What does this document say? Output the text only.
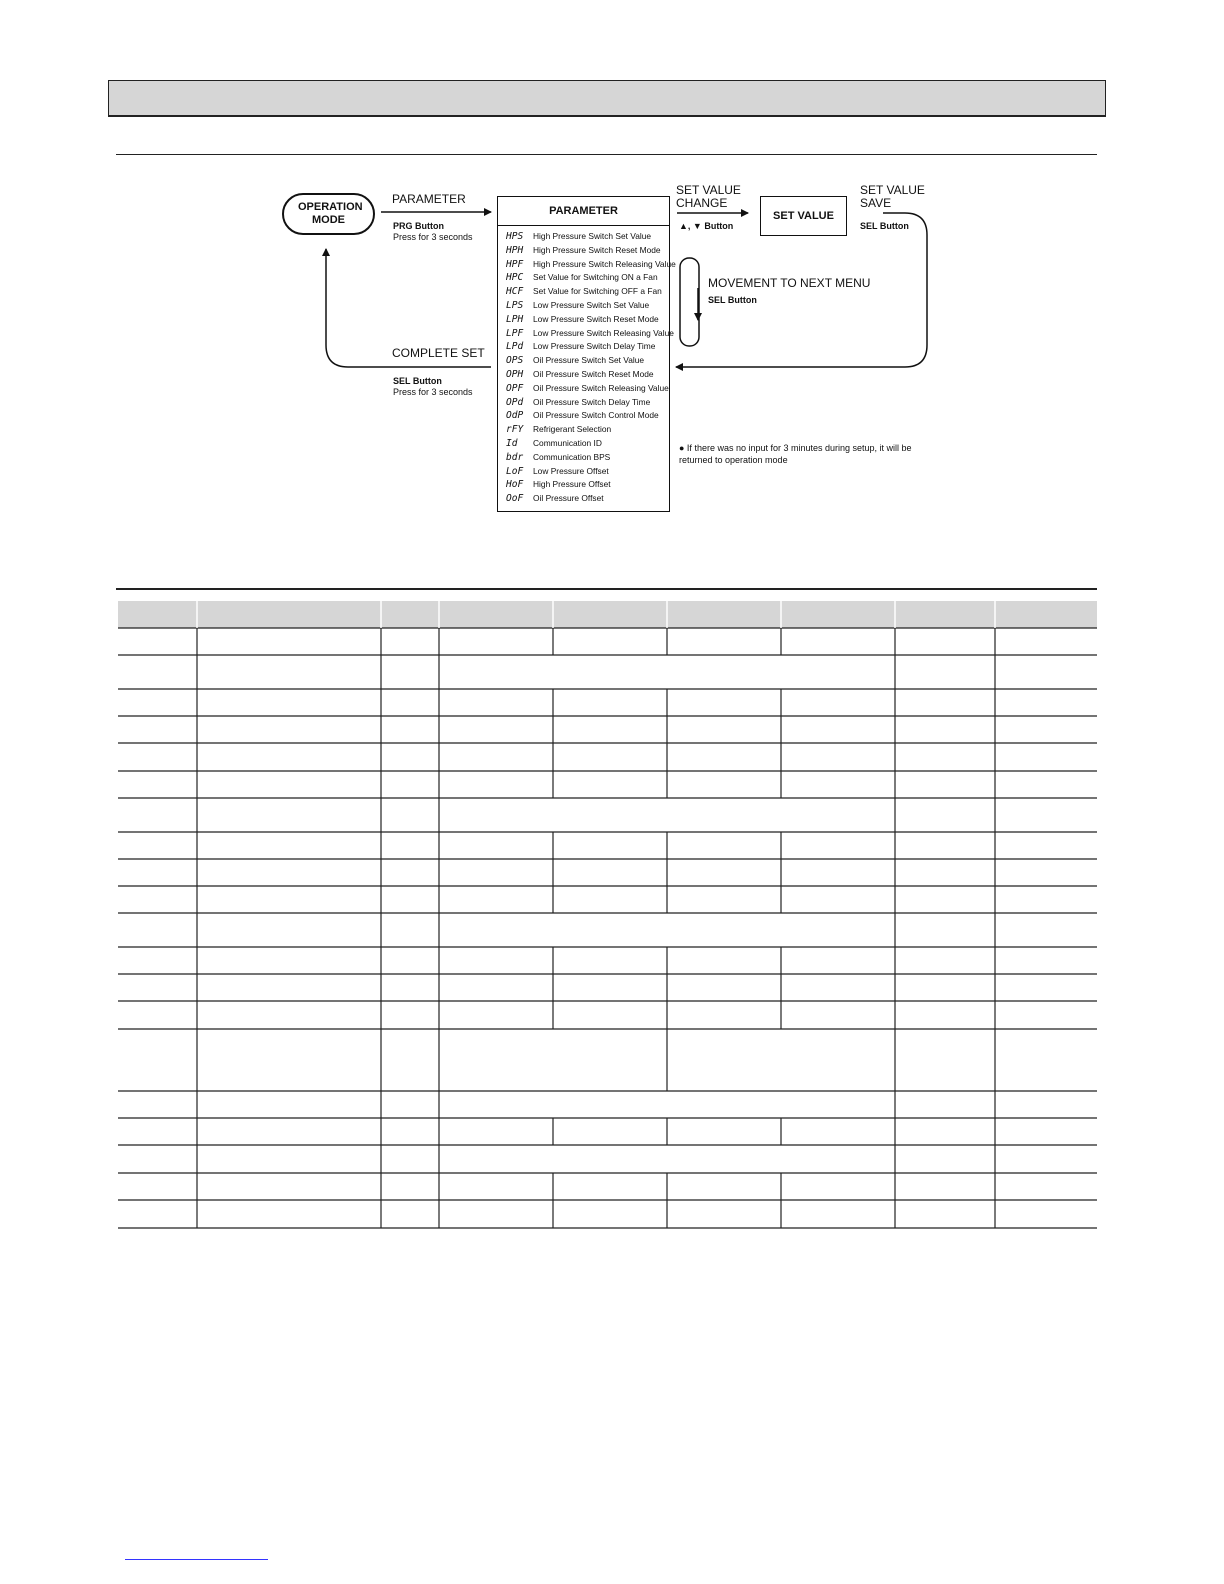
OPERATION MODE
PARAMETER
PRG Button
Press for 3 seconds
PARAMETER
HPS High Pressure Switch Set Value
HPH High Pressure Switch Reset Mode
HPF High Pressure Switch Releasing Value
HPC Set Value for Switching ON a Fan
HCF Set Value for Switching OFF a Fan
LPS Low Pressure Switch Set Value
LPH Low Pressure Switch Reset Mode
LPF Low Pressure Switch Releasing Value
LPd Low Pressure Switch Delay Time
OPS Oil Pressure Switch Set Value
OPH Oil Pressure Switch Reset Mode
OPF Oil Pressure Switch Releasing Value
OPd Oil Pressure Switch Delay Time
OdP Oil Pressure Switch Control Mode
rFY Refrigerant Selection
Id Communication ID
bdr Communication BPS
LoF Low Pressure Offset
HoF High Pressure Offset
OoF Oil Pressure Offset
SET VALUE
CHANGE
▲, ▼ Button
SET VALUE
SET VALUE
SAVE
SEL Button
MOVEMENT TO NEXT MENU
SEL Button
COMPLETE SET
SEL Button
Press for 3 seconds
● If there was no input for 3 minutes during setup, it will be returned to operation mode
